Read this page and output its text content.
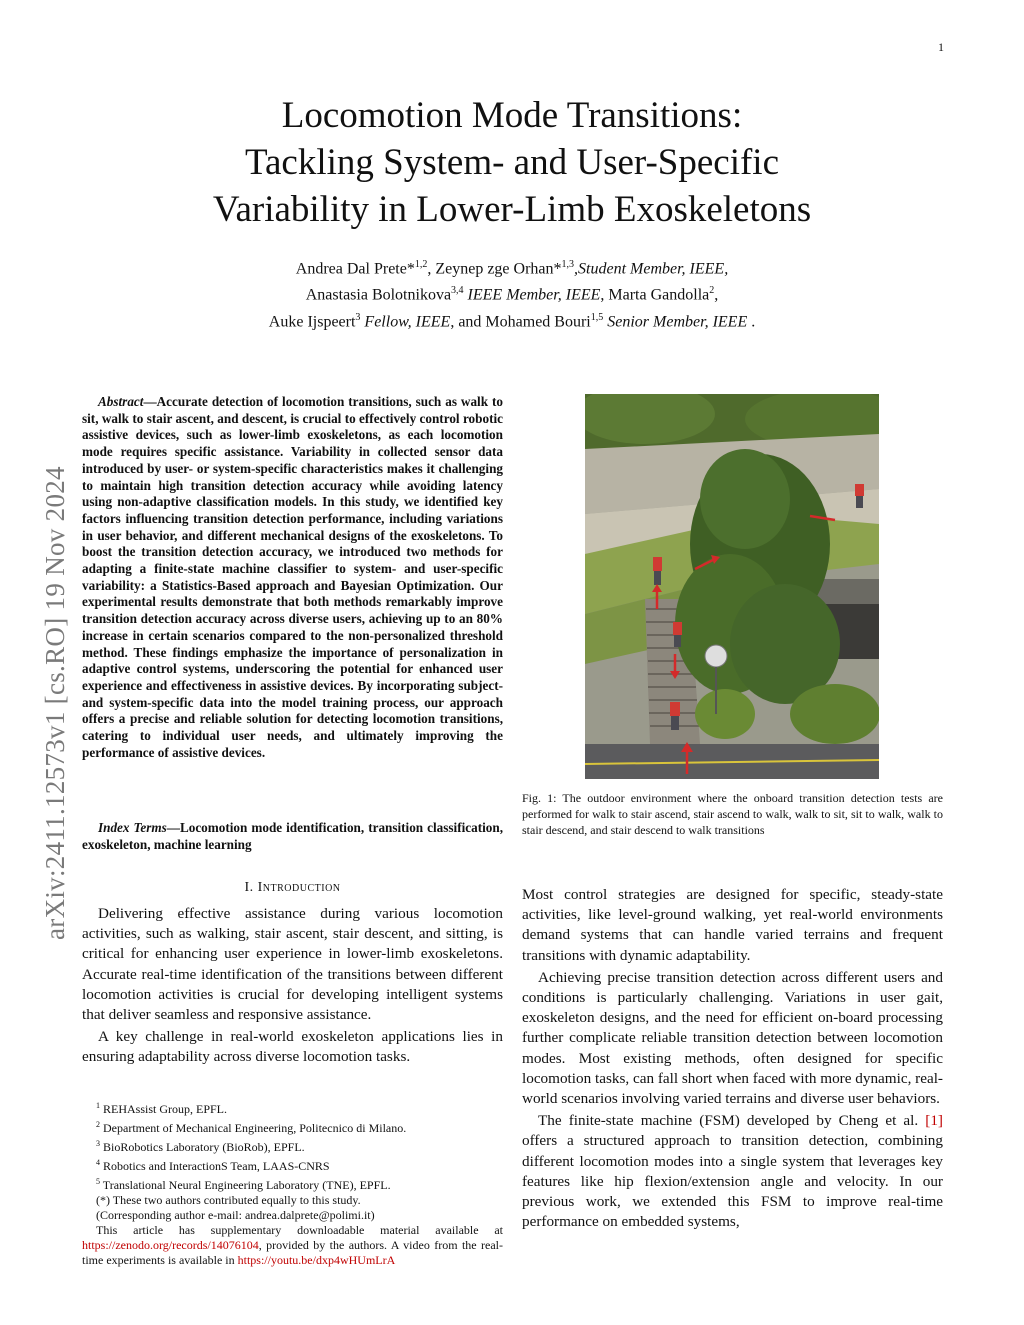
1
arXiv:2411.12573v1 [cs.RO] 19 Nov 2024
Locomotion Mode Transitions:
Tackling System- and User-Specific
Variability in Lower-Limb Exoskeletons
Andrea Dal Prete*$^{1,2}$, Zeynep zge Orhan*$^{1,3}$,Student Member, IEEE,
Anastasia Bolotnikova$^{3,4}$ IEEE Member, IEEE, Marta Gandolla$^2$,
Auke Ijspeert$^3$ Fellow, IEEE, and Mohamed Bouri$^{1,5}$ Senior Member, IEEE .

Abstract—Accurate detection of locomotion transitions, such as walk to sit, walk to stair ascent, and descent, is crucial to effectively control robotic assistive devices, such as lower-limb exoskeletons, as each locomotion mode requires specific assistance. Variability in collected sensor data introduced by user- or system-specific characteristics makes it challenging to maintain high transition detection accuracy while avoiding latency using non-adaptive classification models. In this study, we identified key factors influencing transition detection performance, including variations in user behavior, and different mechanical designs of the exoskeletons. To boost the transition detection accuracy, we introduced two methods for adapting a finite-state machine classifier to system- and user-specific variability: a Statistics-Based approach and Bayesian Optimization. Our experimental results demonstrate that both methods remarkably improve transition detection accuracy across diverse users, achieving up to an 80% increase in certain scenarios compared to the non-personalized threshold method. These findings emphasize the importance of personalization in adaptive control systems, underscoring the potential for enhanced user experience and effectiveness in assistive devices. By incorporating subject- and system-specific data into the model training process, our approach offers a precise and reliable solution for detecting locomotion transitions, catering to individual user needs, and ultimately improving the performance of assistive devices.

Index Terms—Locomotion mode identification, transition classification, exoskeleton, machine learning

I. Introduction

Delivering effective assistance during various locomotion activities, such as walking, stair ascent, stair descent, and sitting, is critical for enhancing user experience in lower-limb exoskeletons. Accurate real-time identification of the transitions between different locomotion activities is crucial for developing intelligent systems that deliver seamless and responsive assistance.

A key challenge in real-world exoskeleton applications lies in ensuring adaptability across diverse locomotion tasks.

$^1$ REHAssist Group, EPFL.
$^2$ Department of Mechanical Engineering, Politecnico di Milano.
$^3$ BioRobotics Laboratory (BioRob), EPFL.
$^4$ Robotics and InteractionS Team, LAAS-CNRS
$^5$ Translational Neural Engineering Laboratory (TNE), EPFL.
(*) These two authors contributed equally to this study.
(Corresponding author e-mail: andrea.dalprete@polimi.it)
This article has supplementary downloadable material available at https://zenodo.org/records/14076104, provided by the authors. A video from the real-time experiments is available in https://youtu.be/dxp4wHUmLrA
Fig. 1: The outdoor environment where the onboard transition detection tests are performed for walk to stair ascend, stair ascend to walk, walk to sit, sit to walk, walk to stair descend, and stair descend to walk transitions

Most control strategies are designed for specific, steady-state activities, like level-ground walking, yet real-world environments demand systems that can handle varied terrains and frequent transitions with dynamic adaptability.

Achieving precise transition detection across different users and conditions is particularly challenging. Variations in user gait, exoskeleton designs, and the need for efficient on-board processing further complicate reliable transition detection between locomotion modes. Most existing methods, often designed for specific locomotion tasks, can fall short when faced with more dynamic, real-world scenarios involving varied terrains and diverse user behaviors.

The finite-state machine (FSM) developed by Cheng et al. [1] offers a structured approach to transition detection, combining different locomotion modes into a single system that leverages key features like hip flexion/extension angle and velocity. In our previous work, we extended this FSM to improve real-time performance on embedded systems,
